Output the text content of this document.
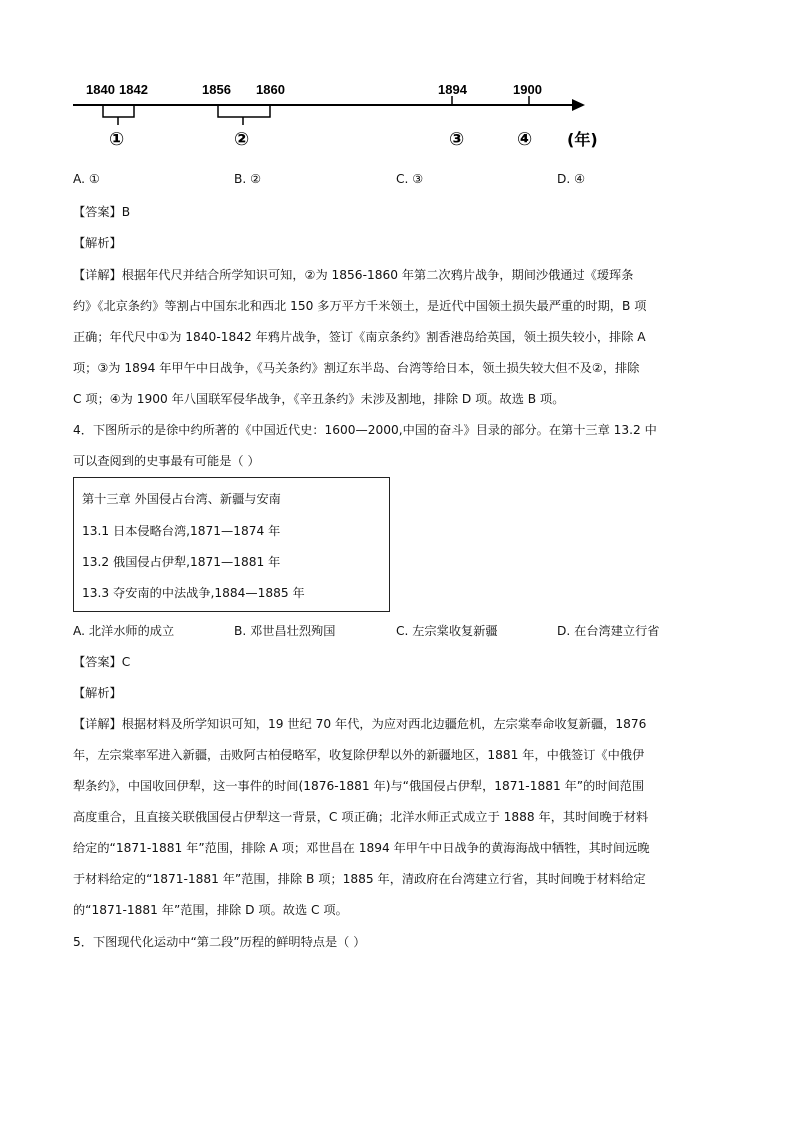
1840 1842	1856 1860	1894	1900
①	②	③	④ (年)
A. ①	B. ②	C. ③	D. ④
【答案】B
【解析】
【详解】根据年代尺并结合所学知识可知，②为 1856-1860 年第二次鸦片战争，期间沙俄通过《瑷珲条
约》《北京条约》等割占中国东北和西北 150 多万平方千米领土，是近代中国领土损失最严重的时期，B 项
正确；年代尺中①为 1840-1842 年鸦片战争，签订《南京条约》割香港岛给英国，领土损失较小，排除 A
项；③为 1894 年甲午中日战争，《马关条约》割辽东半岛、台湾等给日本，领土损失较大但不及②，排除
C 项；④为 1900 年八国联军侵华战争，《辛丑条约》未涉及割地，排除 D 项。故选 B 项。
4．下图所示的是徐中约所著的《中国近代史：1600—2000,中国的奋斗》目录的部分。在第十三章 13.2 中
可以查阅到的史事最有可能是（ ）
第十三章 外国侵占台湾、新疆与安南
13.1 日本侵略台湾,1871—1874 年
13.2 俄国侵占伊犁,1871—1881 年
13.3 夺安南的中法战争,1884—1885 年
A. 北洋水师的成立	B. 邓世昌壮烈殉国	C. 左宗棠收复新疆	D. 在台湾建立行省
【答案】C
【解析】
【详解】根据材料及所学知识可知，19 世纪 70 年代，为应对西北边疆危机，左宗棠奉命收复新疆，1876
年，左宗棠率军进入新疆，击败阿古柏侵略军，收复除伊犁以外的新疆地区，1881 年，中俄签订《中俄伊
犁条约》，中国收回伊犁，这一事件的时间(1876-1881 年)与“俄国侵占伊犁，1871-1881 年”的时间范围
高度重合，且直接关联俄国侵占伊犁这一背景，C 项正确；北洋水师正式成立于 1888 年，其时间晚于材料
给定的“1871-1881 年”范围，排除 A 项；邓世昌在 1894 年甲午中日战争的黄海海战中牺牲，其时间远晚
于材料给定的“1871-1881 年”范围，排除 B 项；1885 年，清政府在台湾建立行省，其时间晚于材料给定
的“1871-1881 年”范围，排除 D 项。故选 C 项。
5．下图现代化运动中“第二段”历程的鲜明特点是（ ）
